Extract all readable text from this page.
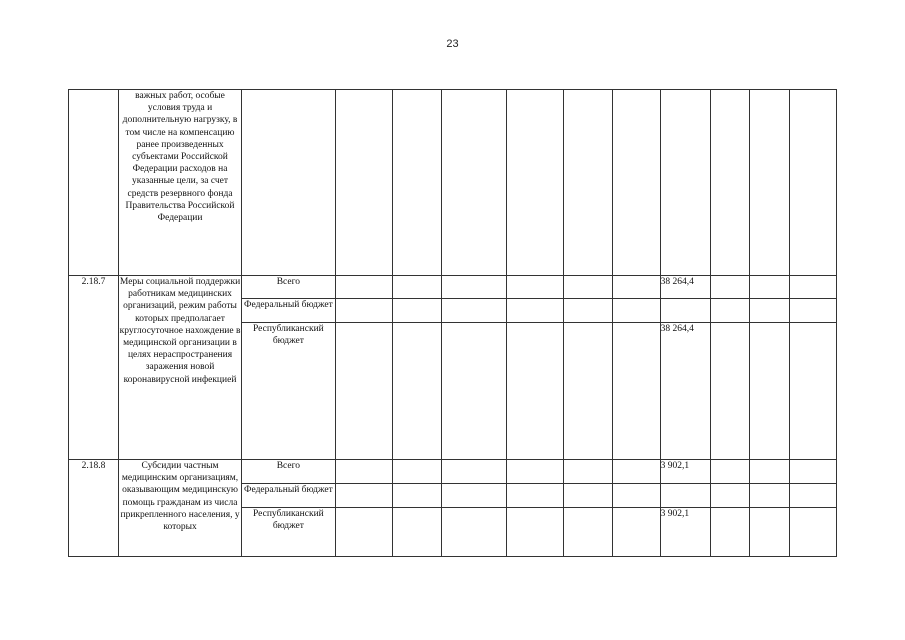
23
	важных работ, особые условия труда и дополнительную нагрузку, в том числе на компенсацию ранее произведенных субъектами Российской Федерации расходов на указанные цели, за счет средств резервного фонда Правительства Российской Федерации											
2.18.7	Меры социальной поддержки работникам медицинских организаций, режим работы которых предполагает круглосуточное нахождение в медицинской организации в целях нераспространения заражения новой коронавирусной инфекцией	Всего							38 264,4			
		Федеральный бюджет										
		Республиканский бюджет							38 264,4			
2.18.8	Субсидии частным медицинским организациям, оказывающим медицинскую помощь гражданам из числа прикрепленного населения, у которых	Всего							3 902,1			
		Федеральный бюджет										
		Республиканский бюджет							3 902,1			
